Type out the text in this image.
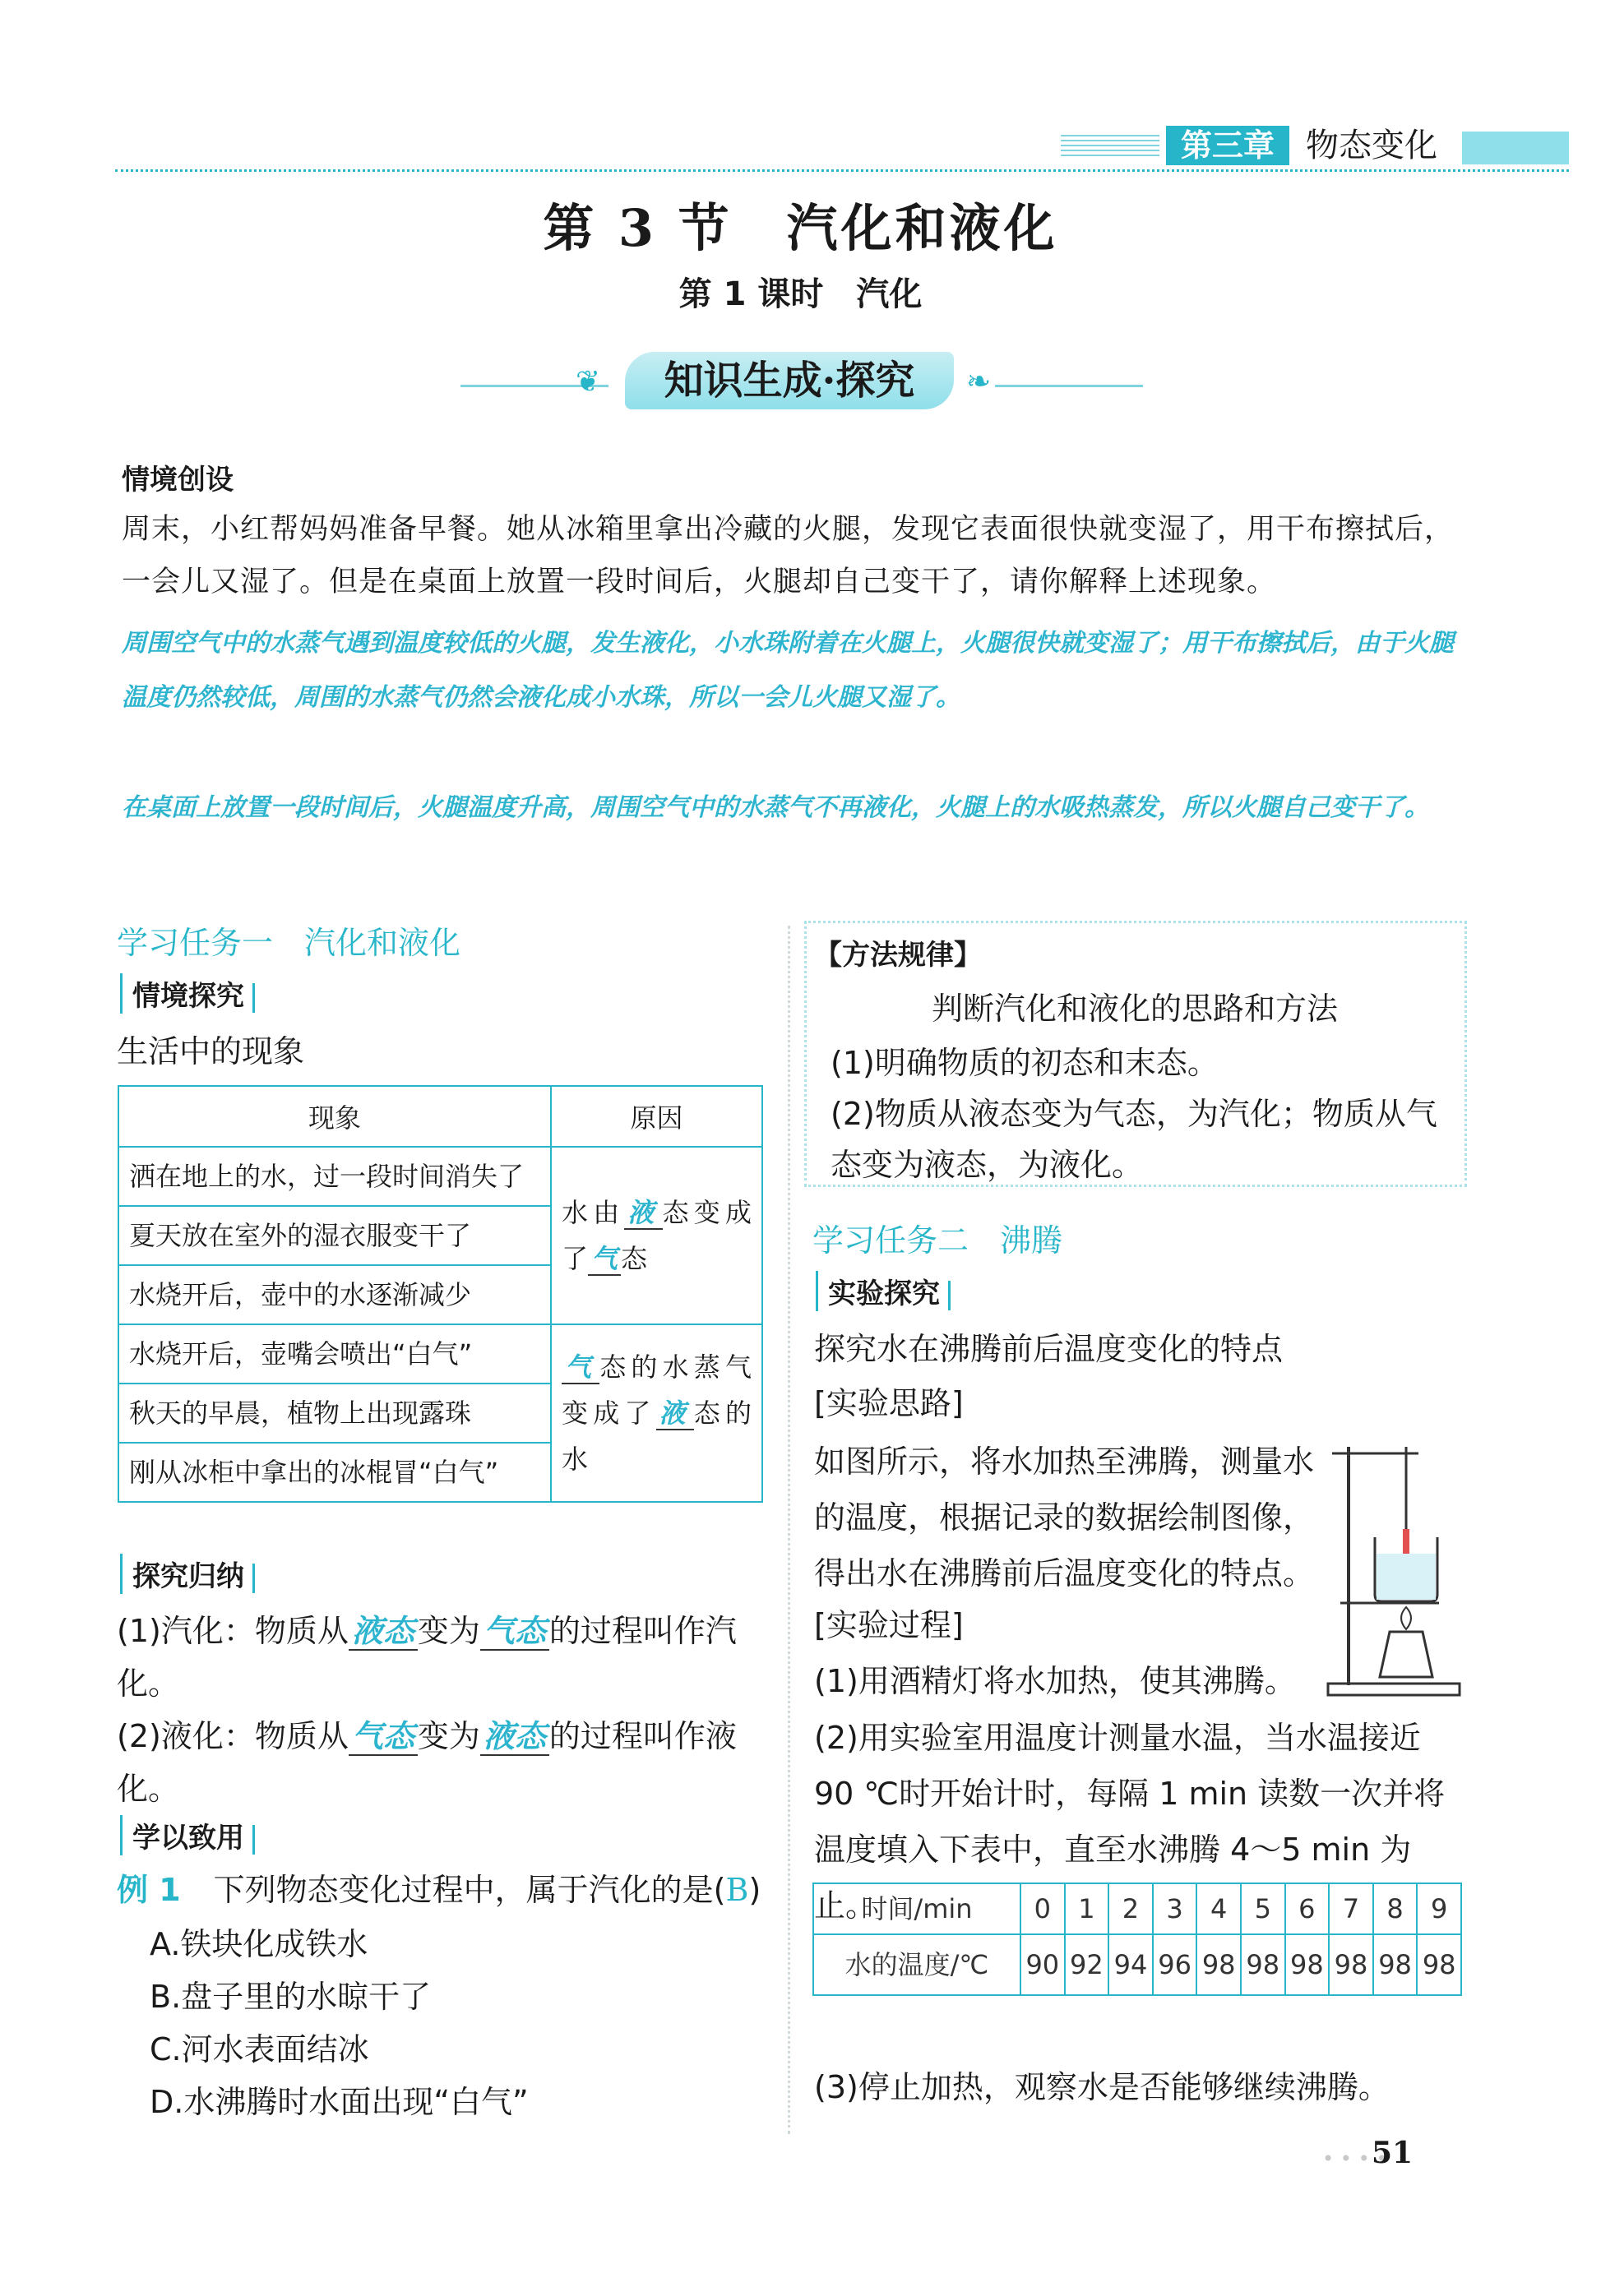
第三章 物态变化
第 3 节　汽化和液化
第 1 课时　汽化
❦	❧
知识生成·探究
情境创设
周末，小红帮妈妈准备早餐。她从冰箱里拿出冷藏的火腿，发现它表面很快就变湿了，用干布擦拭后，一会儿又湿了。但是在桌面上放置一段时间后，火腿却自己变干了，请你解释上述现象。
周围空气中的水蒸气遇到温度较低的火腿，发生液化，小水珠附着在火腿上，火腿很快就变湿了；用干布擦拭后，由于火腿温度仍然较低，周围的水蒸气仍然会液化成小水珠，所以一会儿火腿又湿了。
在桌面上放置一段时间后，火腿温度升高，周围空气中的水蒸气不再液化，火腿上的水吸热蒸发，所以火腿自己变干了。
学习任务一　汽化和液化
情境探究
生活中的现象
现象	原因
洒在地上的水，过一段时间消失了	水由 液 态变成了 气 态
夏天放在室外的湿衣服变干了	
水烧开后，壶中的水逐渐减少	
水烧开后，壶嘴会喷出“白气”	气 态的水蒸气变成了 液 态的水
秋天的早晨，植物上出现露珠	
刚从冰柜中拿出的冰棍冒“白气”	
探究归纳
(1)汽化：物质从 液态 变为 气态 的过程叫作汽化。
(2)液化：物质从 气态 变为 液态 的过程叫作液化。
学以致用
例 1 下列物态变化过程中，属于汽化的是(B)
A.铁块化成铁水
B.盘子里的水晾干了
C.河水表面结冰
D.水沸腾时水面出现“白气”
【方法规律】
判断汽化和液化的思路和方法
(1)明确物质的初态和末态。
(2)物质从液态变为气态，为汽化；物质从气态变为液态，为液化。
学习任务二　沸腾
实验探究
探究水在沸腾前后温度变化的特点
[实验思路]
如图所示，将水加热至沸腾，测量水的温度，根据记录的数据绘制图像，得出水在沸腾前后温度变化的特点。
[实验过程]
(1)用酒精灯将水加热，使其沸腾。
(2)用实验室用温度计测量水温，当水温接近 90 ℃时开始计时，每隔 1 min 读数一次并将温度填入下表中，直至水沸腾 4～5 min 为止。
时间/min	0	1	2	3	4	5	6	7	8	9
水的温度/℃	90	92	94	96	98	98	98	98	98	98
(3)停止加热，观察水是否能够继续沸腾。
• • • •
51
